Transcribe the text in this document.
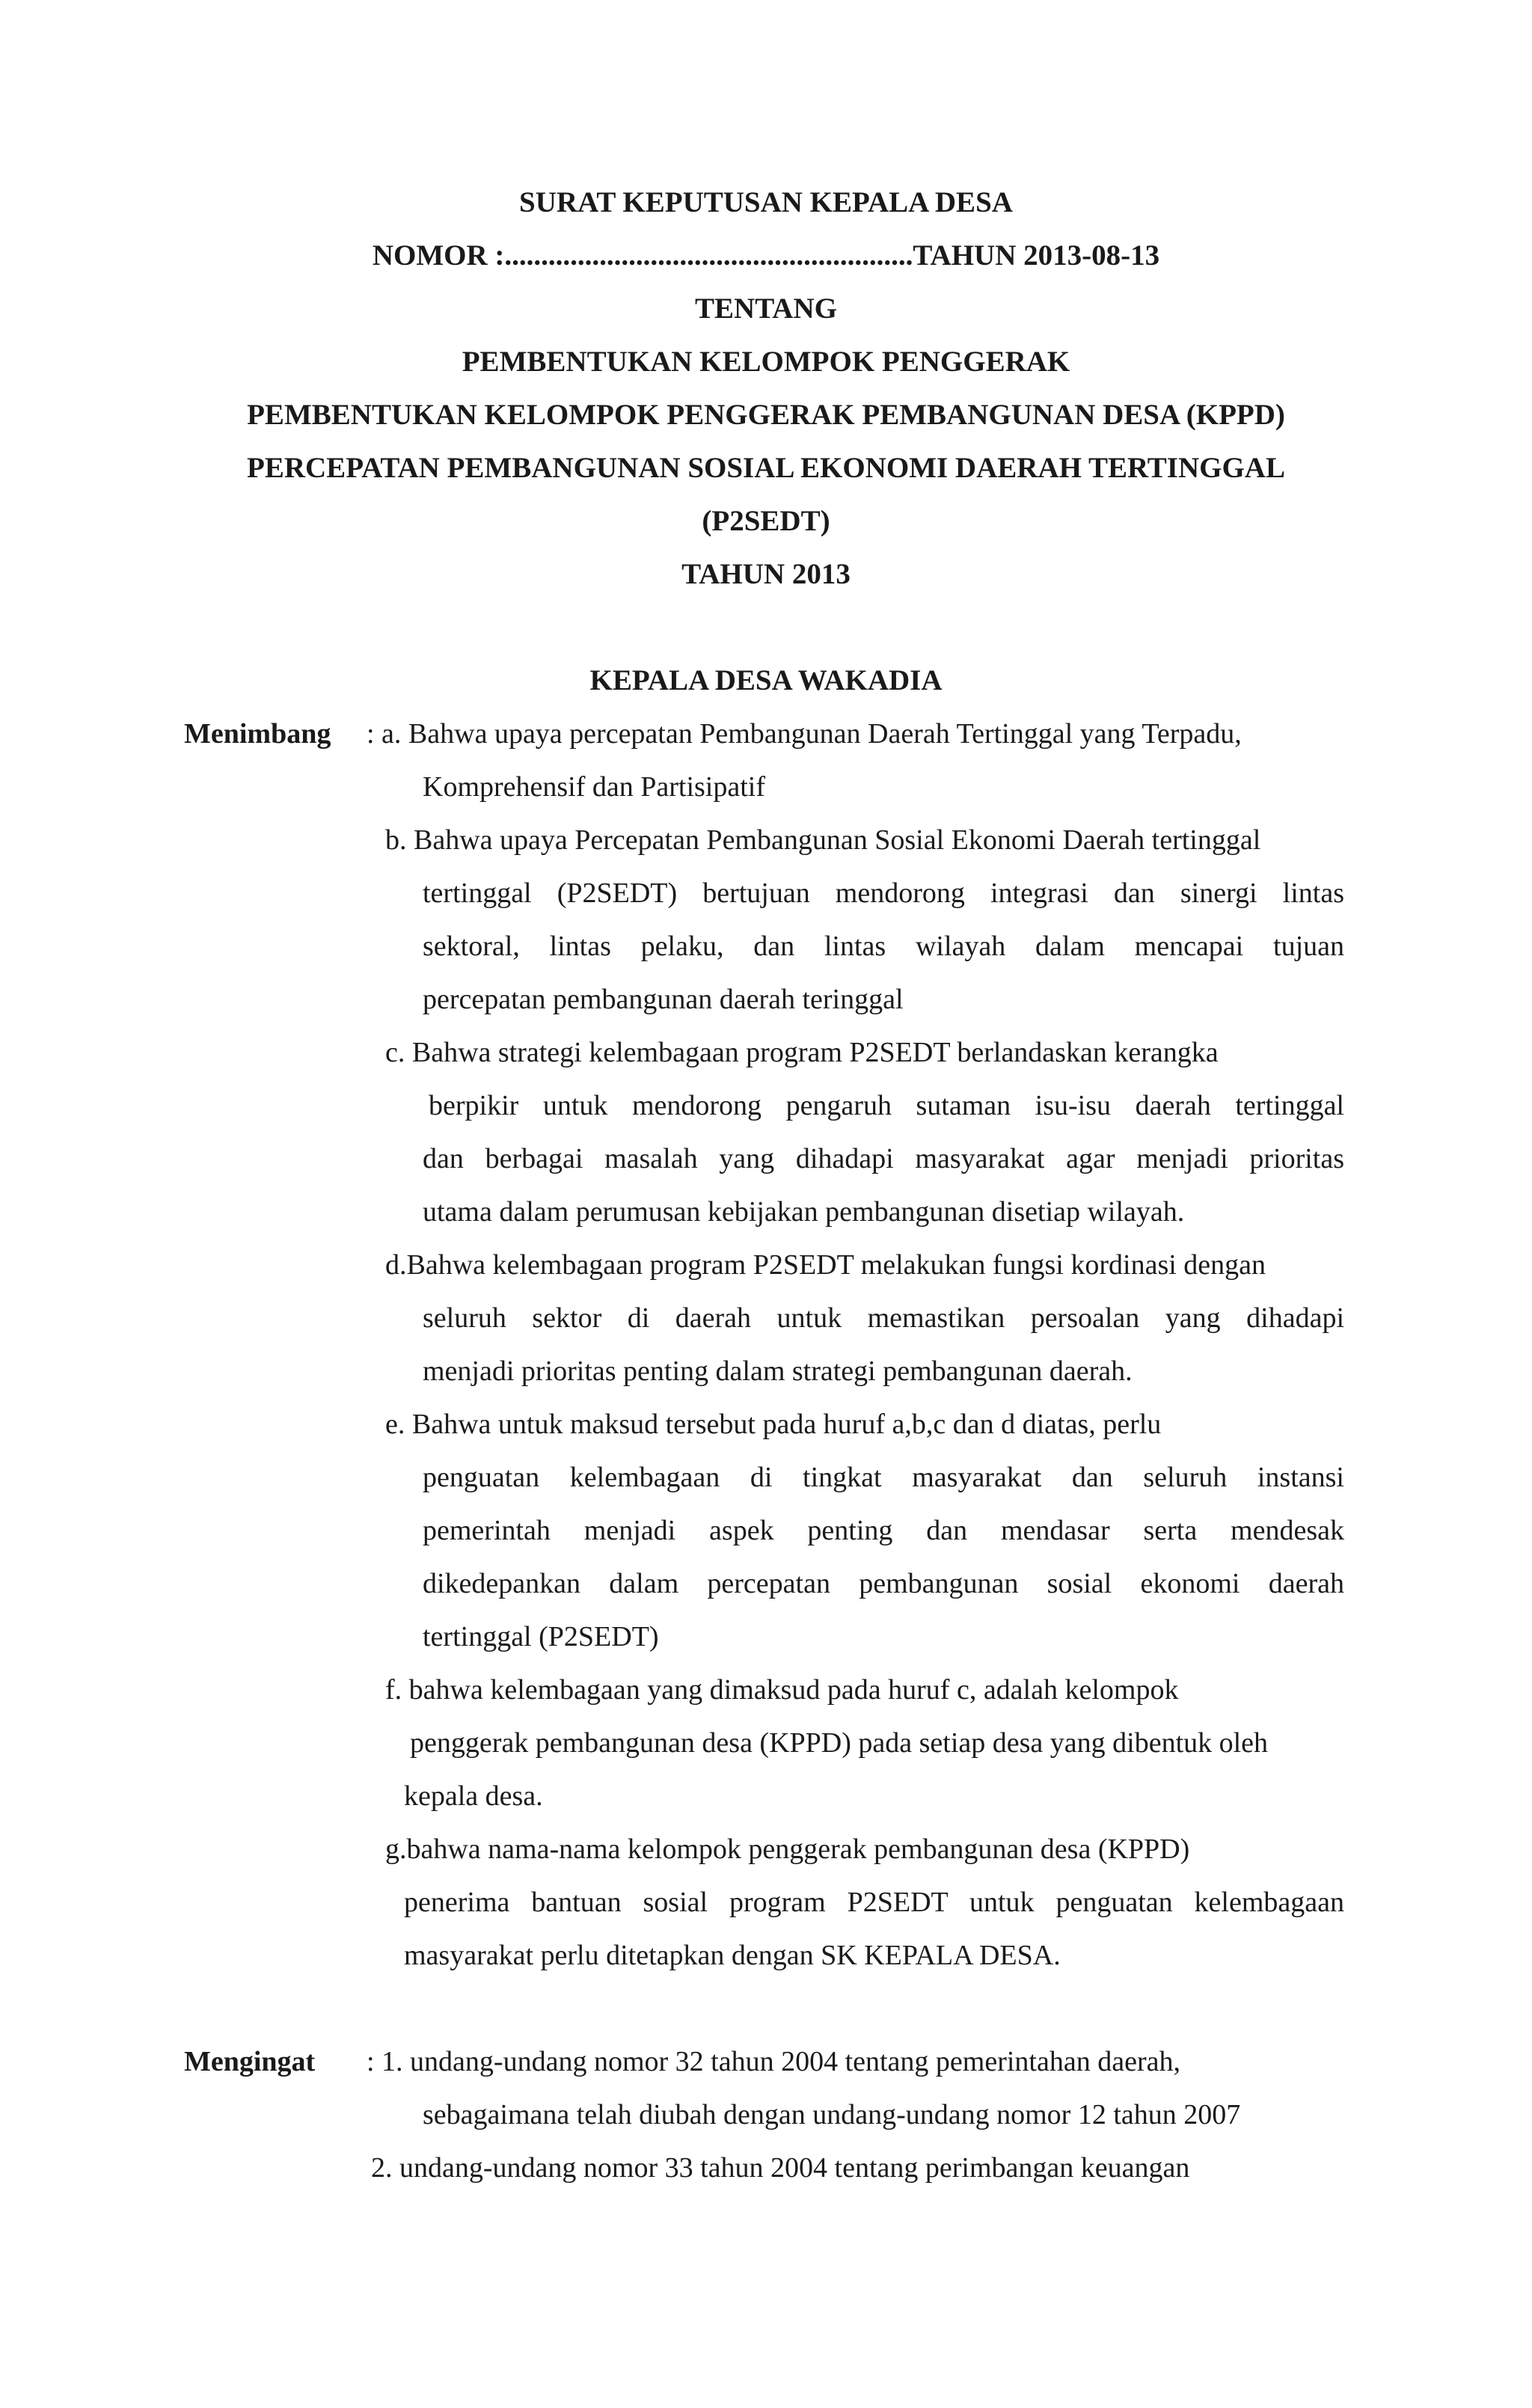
SURAT KEPUTUSAN KEPALA DESA
NOMOR :........................................................TAHUN 2013-08-13
TENTANG
PEMBENTUKAN KELOMPOK PENGGERAK
PEMBENTUKAN KELOMPOK PENGGERAK PEMBANGUNAN DESA (KPPD)
PERCEPATAN PEMBANGUNAN SOSIAL EKONOMI DAERAH TERTINGGAL
(P2SEDT)
TAHUN 2013
KEPALA DESA WAKADIA
Menimbang : a. Bahwa upaya percepatan Pembangunan Daerah Tertinggal yang Terpadu,
Komprehensif dan Partisipatif
b. Bahwa upaya Percepatan Pembangunan Sosial Ekonomi Daerah tertinggal
tertinggal (P2SEDT) bertujuan mendorong integrasi dan sinergi lintas
sektoral, lintas pelaku, dan lintas wilayah dalam mencapai tujuan
percepatan pembangunan daerah teringgal
c. Bahwa strategi kelembagaan program P2SEDT berlandaskan kerangka
berpikir untuk mendorong pengaruh sutaman isu-isu daerah tertinggal
dan berbagai masalah yang dihadapi masyarakat agar menjadi prioritas
utama dalam perumusan kebijakan pembangunan disetiap wilayah.
d.Bahwa kelembagaan program P2SEDT melakukan fungsi kordinasi dengan
seluruh sektor di daerah untuk memastikan persoalan yang dihadapi
menjadi prioritas penting dalam strategi pembangunan daerah.
e. Bahwa untuk maksud tersebut pada huruf a,b,c dan d diatas, perlu
penguatan kelembagaan di tingkat masyarakat dan seluruh instansi
pemerintah menjadi aspek penting dan mendasar serta mendesak
dikedepankan dalam percepatan pembangunan sosial ekonomi daerah
tertinggal (P2SEDT)
f. bahwa kelembagaan yang dimaksud pada huruf c, adalah kelompok
penggerak pembangunan desa (KPPD) pada setiap desa yang dibentuk oleh
kepala desa.
g.bahwa nama-nama kelompok penggerak pembangunan desa (KPPD)
penerima bantuan sosial program P2SEDT untuk penguatan kelembagaan
masyarakat perlu ditetapkan dengan SK KEPALA DESA.
Mengingat : 1. undang-undang nomor 32 tahun 2004 tentang pemerintahan daerah,
sebagaimana telah diubah dengan undang-undang nomor 12 tahun 2007
2. undang-undang nomor 33 tahun 2004 tentang perimbangan keuangan
